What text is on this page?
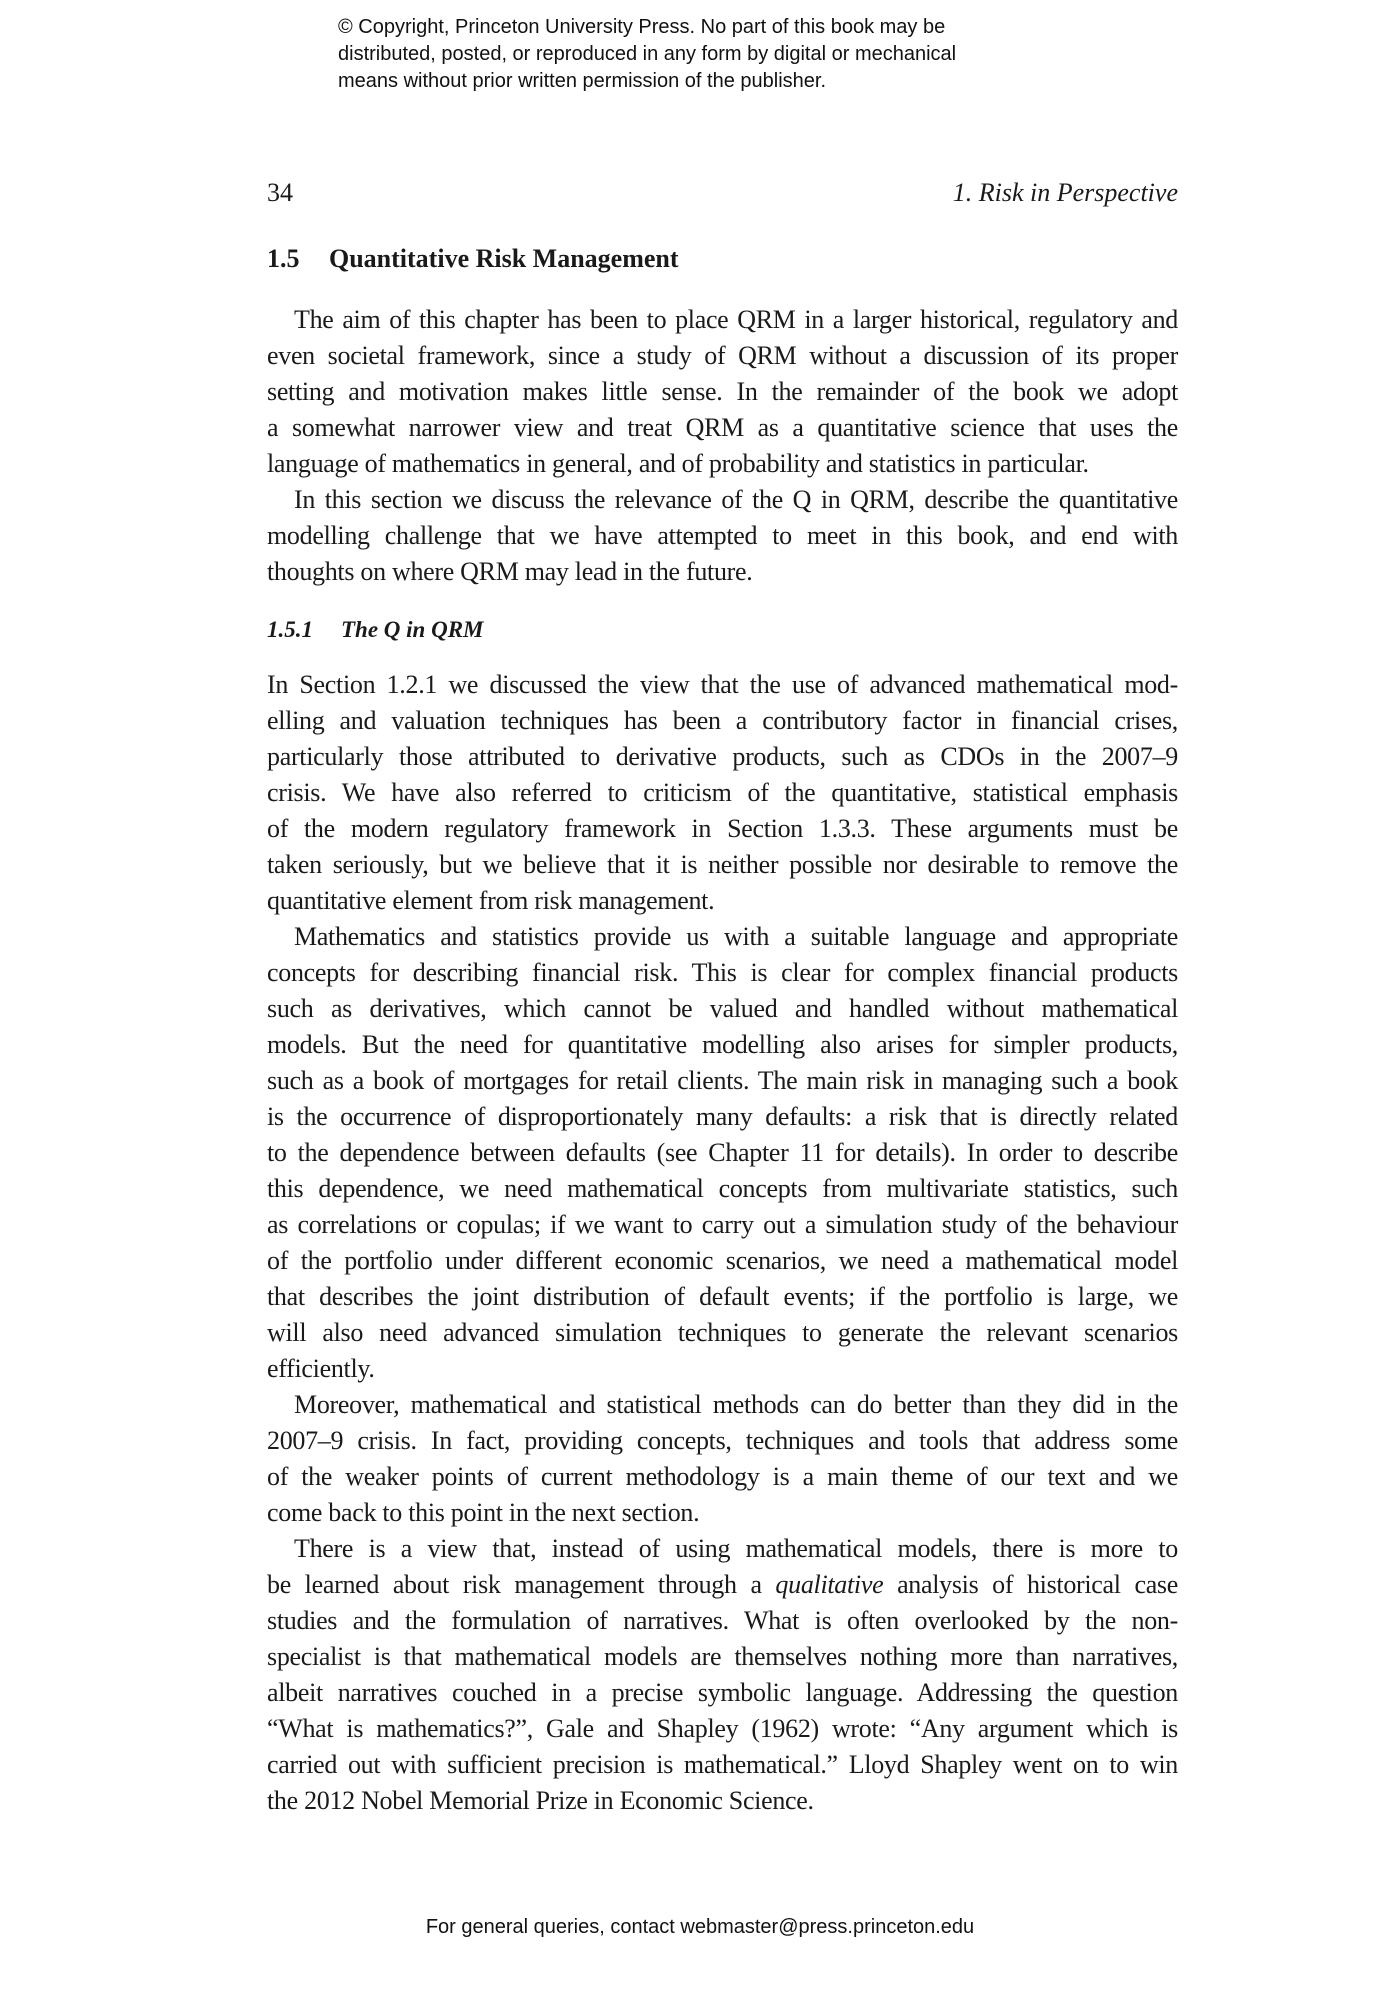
© Copyright, Princeton University Press. No part of this book may be
distributed, posted, or reproduced in any form by digital or mechanical
means without prior written permission of the publisher.
34	1. Risk in Perspective
1.5 Quantitative Risk Management
The aim of this chapter has been to place QRM in a larger historical, regulatory and
even societal framework, since a study of QRM without a discussion of its proper
setting and motivation makes little sense. In the remainder of the book we adopt
a somewhat narrower view and treat QRM as a quantitative science that uses the
language of mathematics in general, and of probability and statistics in particular.
In this section we discuss the relevance of the Q in QRM, describe the quantitative
modelling challenge that we have attempted to meet in this book, and end with
thoughts on where QRM may lead in the future.
1.5.1 The Q in QRM
In Section 1.2.1 we discussed the view that the use of advanced mathematical mod-
elling and valuation techniques has been a contributory factor in financial crises,
particularly those attributed to derivative products, such as CDOs in the 2007–9
crisis. We have also referred to criticism of the quantitative, statistical emphasis
of the modern regulatory framework in Section 1.3.3. These arguments must be
taken seriously, but we believe that it is neither possible nor desirable to remove the
quantitative element from risk management.
Mathematics and statistics provide us with a suitable language and appropriate
concepts for describing financial risk. This is clear for complex financial products
such as derivatives, which cannot be valued and handled without mathematical
models. But the need for quantitative modelling also arises for simpler products,
such as a book of mortgages for retail clients. The main risk in managing such a book
is the occurrence of disproportionately many defaults: a risk that is directly related
to the dependence between defaults (see Chapter 11 for details). In order to describe
this dependence, we need mathematical concepts from multivariate statistics, such
as correlations or copulas; if we want to carry out a simulation study of the behaviour
of the portfolio under different economic scenarios, we need a mathematical model
that describes the joint distribution of default events; if the portfolio is large, we
will also need advanced simulation techniques to generate the relevant scenarios
efficiently.
Moreover, mathematical and statistical methods can do better than they did in the
2007–9 crisis. In fact, providing concepts, techniques and tools that address some
of the weaker points of current methodology is a main theme of our text and we
come back to this point in the next section.
There is a view that, instead of using mathematical models, there is more to
be learned about risk management through a qualitative analysis of historical case
studies and the formulation of narratives. What is often overlooked by the non-
specialist is that mathematical models are themselves nothing more than narratives,
albeit narratives couched in a precise symbolic language. Addressing the question
“What is mathematics?”, Gale and Shapley (1962) wrote: “Any argument which is
carried out with sufficient precision is mathematical.” Lloyd Shapley went on to win
the 2012 Nobel Memorial Prize in Economic Science.
For general queries, contact webmaster@press.princeton.edu
